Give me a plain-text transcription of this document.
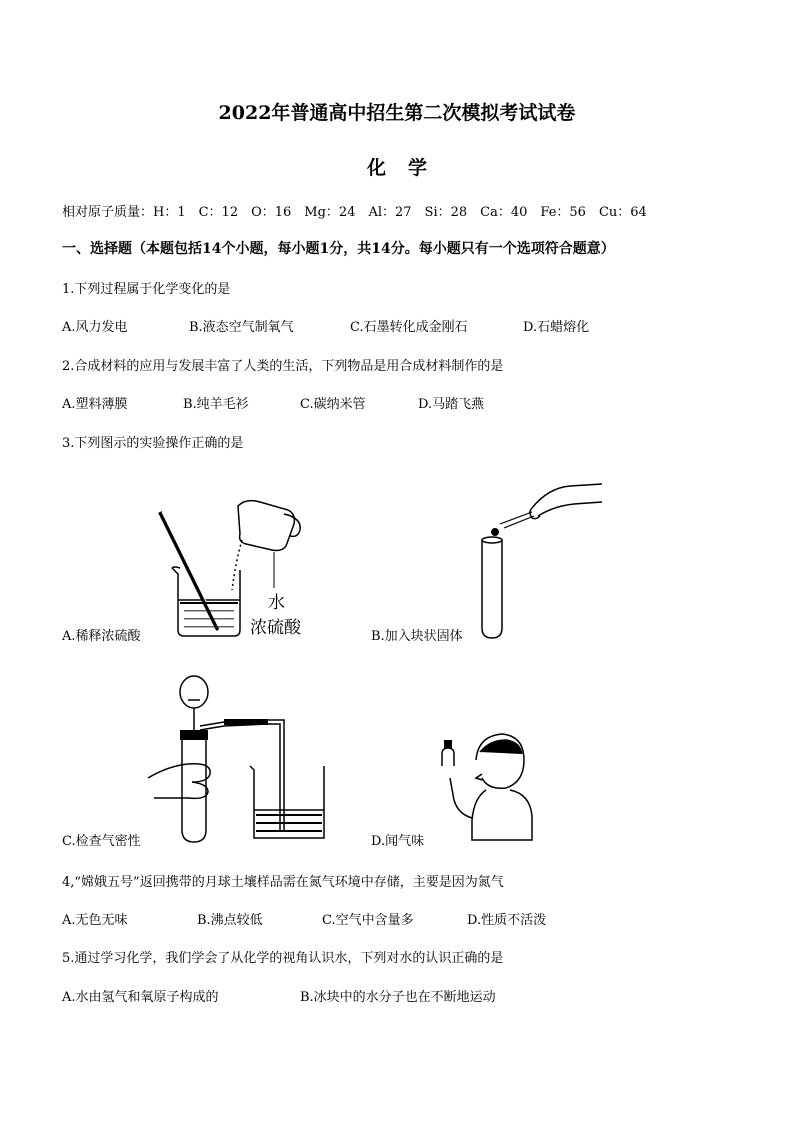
2022年普通高中招生第二次模拟考试试卷
化学
相对原子质量：H：1　C：12　O：16　Mg：24　Al：27　Si：28　Ca：40　Fe：56　Cu：64
一、选择题（本题包括14个小题，每小题1分，共14分。每小题只有一个选项符合题意）
1.下列过程属于化学变化的是
A.风力发电	B.液态空气制氧气	C.石墨转化成金刚石	D.石蜡熔化
2.合成材料的应用与发展丰富了人类的生活，下列物品是用合成材料制作的是
A.塑料薄膜	B.纯羊毛衫	C.碳纳米管	D.马踏飞燕
3.下列图示的实验操作正确的是
水
浓硫酸
A.稀释浓硫酸	B.加入块状固体
C.检查气密性	D.闻气味
4,“嫦娥五号”返回携带的月球土壤样品需在氮气环境中存储，主要是因为氮气
A.无色无味	B.沸点较低	C.空气中含量多	D.性质不活泼
5.通过学习化学，我们学会了从化学的视角认识水，下列对水的认识正确的是
A.水由氢气和氧原子构成的	B.冰块中的水分子也在不断地运动
